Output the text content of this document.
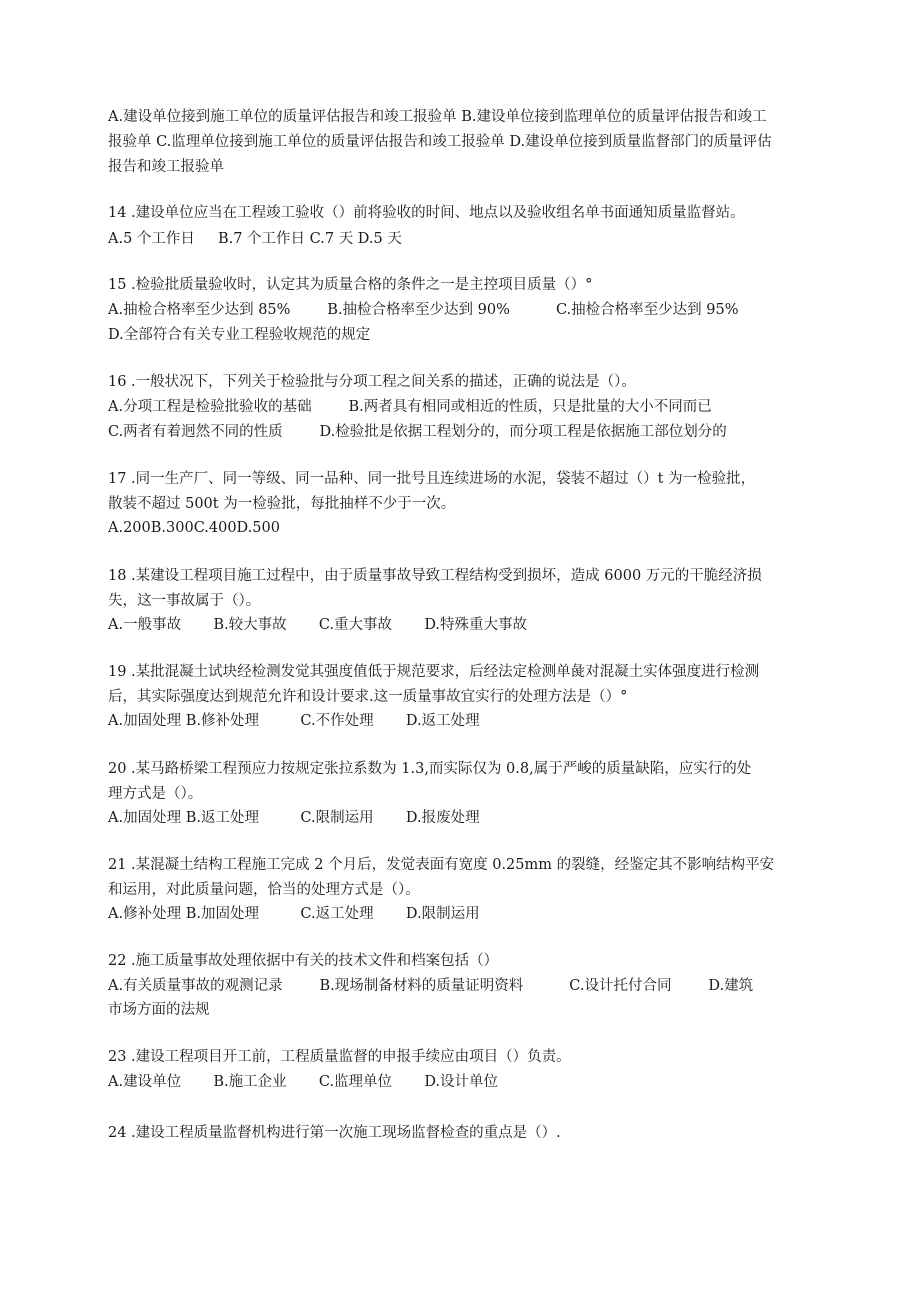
A.建设单位接到施工单位的质量评估报告和竣工报验单 B.建设单位接到监理单位的质量评估报告和竣工
报验单 C.监理单位接到施工单位的质量评估报告和竣工报验单 D.建设单位接到质量监督部门的质量评估
报告和竣工报验单
14 .建设单位应当在工程竣工验收（）前将验收的时间、地点以及验收组名单书面通知质量监督站。
A.5 个工作日     B.7 个工作日 C.7 天 D.5 天
15 .检验批质量验收时，认定其为质量合格的条件之一是主控项目质量（）°
A.抽检合格率至少达到 85%        B.抽检合格率至少达到 90%          C.抽检合格率至少达到 95%
D.全部符合有关专业工程验收规范的规定
16 .一般状况下，下列关于检验批与分项工程之间关系的描述，正确的说法是（）。
A.分项工程是检验批验收的基础        B.两者具有相同或相近的性质，只是批量的大小不同而已
C.两者有着迥然不同的性质        D.检验批是依据工程划分的，而分项工程是依据施工部位划分的
17 .同一生产厂、同一等级、同一品种、同一批号且连续进场的水泥，袋装不超过（）t 为一检验批，
散装不超过 500t 为一检验批，每批抽样不少于一次。
A.200B.300C.400D.500
18 .某建设工程项目施工过程中，由于质量事故导致工程结构受到损坏，造成 6000 万元的干脆经济损
失，这一事故属于（）。
A.一般事故       B.较大事故       C.重大事故       D.特殊重大事故
19 .某批混凝土试块经检测发觉其强度值低于规范要求，后经法定检测单彘对混凝土实体强度进行检测
后，其实际强度达到规范允许和设计要求.这一质量事故宜实行的处理方法是（）°
A.加固处理 B.修补处理         C.不作处理       D.返工处理
20 .某马路桥梁工程预应力按规定张拉系数为 1.3,而实际仅为 0.8,属于严峻的质量缺陷，应实行的处
理方式是（）。
A.加固处理 B.返工处理         C.限制运用       D.报废处理
21 .某混凝土结构工程施工完成 2 个月后，发觉表面有宽度 0.25mm 的裂缝，经鉴定其不影响结构平安
和运用，对此质量问题，恰当的处理方式是（）。
A.修补处理 B.加固处理         C.返工处理       D.限制运用
22 .施工质量事故处理依据中有关的技术文件和档案包括（）
A.有关质量事故的观测记录        B.现场制备材料的质量证明资料          C.设计托付合同        D.建筑
市场方面的法规
23 .建设工程项目开工前，工程质量监督的申报手续应由项目（）负责。
A.建设单位       B.施工企业       C.监理单位       D.设计单位
24 .建设工程质量监督机构进行第一次施工现场监督检查的重点是（）.
